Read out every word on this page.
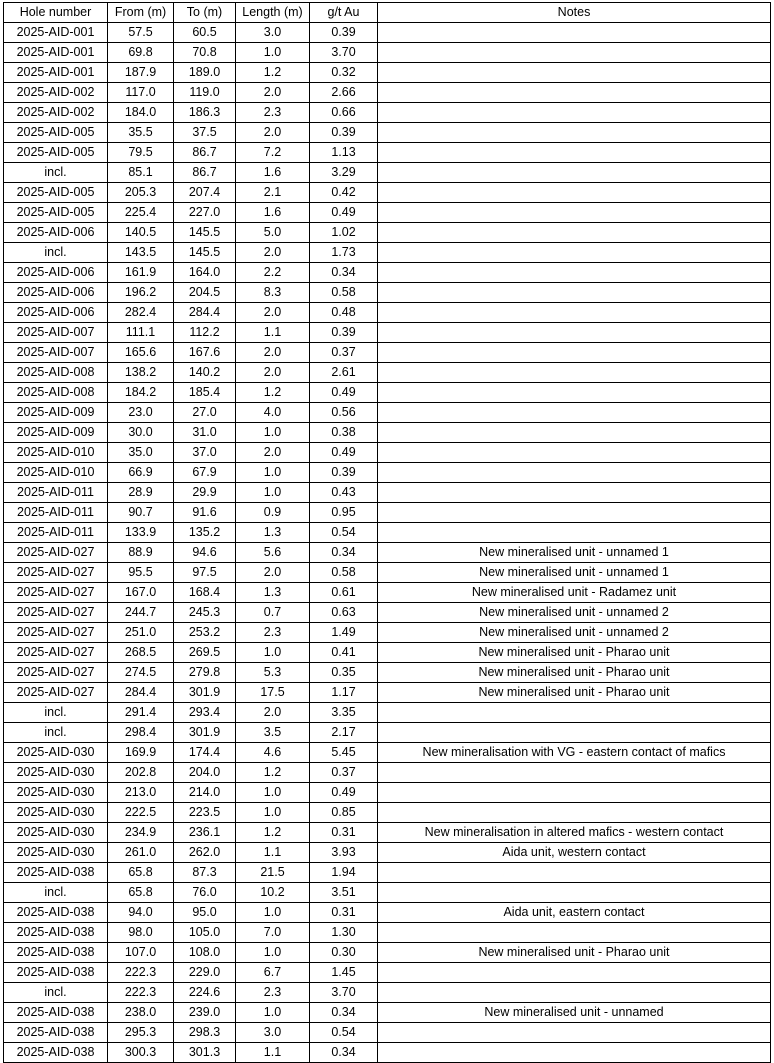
Hole number	From (m)	To (m)	Length (m)	g/t Au	Notes
2025-AID-001	57.5	60.5	3.0	0.39	
2025-AID-001	69.8	70.8	1.0	3.70	
2025-AID-001	187.9	189.0	1.2	0.32	
2025-AID-002	117.0	119.0	2.0	2.66	
2025-AID-002	184.0	186.3	2.3	0.66	
2025-AID-005	35.5	37.5	2.0	0.39	
2025-AID-005	79.5	86.7	7.2	1.13	
incl.	85.1	86.7	1.6	3.29	
2025-AID-005	205.3	207.4	2.1	0.42	
2025-AID-005	225.4	227.0	1.6	0.49	
2025-AID-006	140.5	145.5	5.0	1.02	
incl.	143.5	145.5	2.0	1.73	
2025-AID-006	161.9	164.0	2.2	0.34	
2025-AID-006	196.2	204.5	8.3	0.58	
2025-AID-006	282.4	284.4	2.0	0.48	
2025-AID-007	111.1	112.2	1.1	0.39	
2025-AID-007	165.6	167.6	2.0	0.37	
2025-AID-008	138.2	140.2	2.0	2.61	
2025-AID-008	184.2	185.4	1.2	0.49	
2025-AID-009	23.0	27.0	4.0	0.56	
2025-AID-009	30.0	31.0	1.0	0.38	
2025-AID-010	35.0	37.0	2.0	0.49	
2025-AID-010	66.9	67.9	1.0	0.39	
2025-AID-011	28.9	29.9	1.0	0.43	
2025-AID-011	90.7	91.6	0.9	0.95	
2025-AID-011	133.9	135.2	1.3	0.54	
2025-AID-027	88.9	94.6	5.6	0.34	New mineralised unit - unnamed 1
2025-AID-027	95.5	97.5	2.0	0.58	New mineralised unit - unnamed 1
2025-AID-027	167.0	168.4	1.3	0.61	New mineralised unit - Radamez unit
2025-AID-027	244.7	245.3	0.7	0.63	New mineralised unit - unnamed 2
2025-AID-027	251.0	253.2	2.3	1.49	New mineralised unit - unnamed 2
2025-AID-027	268.5	269.5	1.0	0.41	New mineralised unit - Pharao unit
2025-AID-027	274.5	279.8	5.3	0.35	New mineralised unit - Pharao unit
2025-AID-027	284.4	301.9	17.5	1.17	New mineralised unit - Pharao unit
incl.	291.4	293.4	2.0	3.35	
incl.	298.4	301.9	3.5	2.17	
2025-AID-030	169.9	174.4	4.6	5.45	New mineralisation with VG - eastern contact of mafics
2025-AID-030	202.8	204.0	1.2	0.37	
2025-AID-030	213.0	214.0	1.0	0.49	
2025-AID-030	222.5	223.5	1.0	0.85	
2025-AID-030	234.9	236.1	1.2	0.31	New mineralisation in altered mafics - western contact
2025-AID-030	261.0	262.0	1.1	3.93	Aida unit, western contact
2025-AID-038	65.8	87.3	21.5	1.94	
incl.	65.8	76.0	10.2	3.51	
2025-AID-038	94.0	95.0	1.0	0.31	Aida unit, eastern contact
2025-AID-038	98.0	105.0	7.0	1.30	
2025-AID-038	107.0	108.0	1.0	0.30	New mineralised unit - Pharao unit
2025-AID-038	222.3	229.0	6.7	1.45	
incl.	222.3	224.6	2.3	3.70	
2025-AID-038	238.0	239.0	1.0	0.34	New mineralised unit - unnamed
2025-AID-038	295.3	298.3	3.0	0.54	
2025-AID-038	300.3	301.3	1.1	0.34	
